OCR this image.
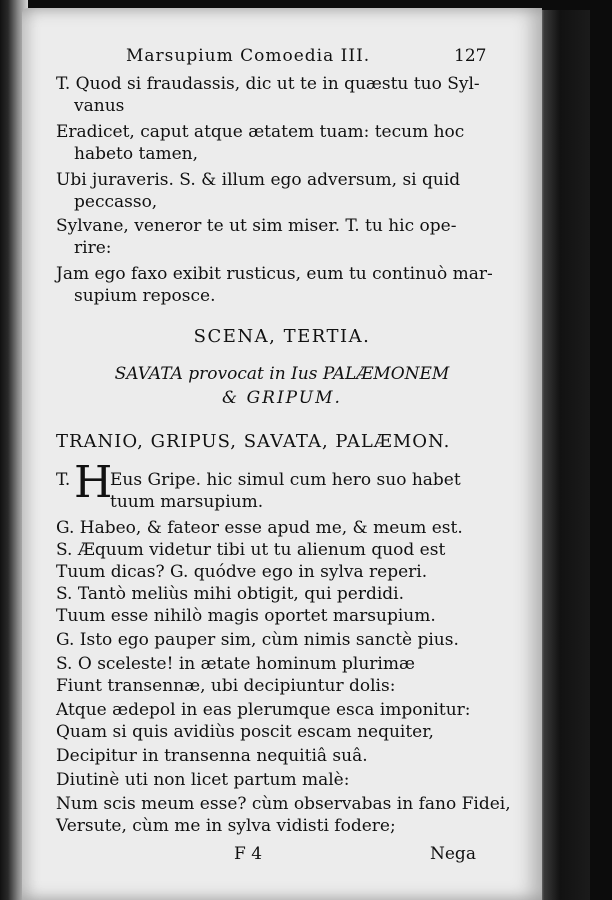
Marsupium Comoedia III.	127
T. Quod si fraudassis, dic ut te in quæstu tuo Syl-
vanus
Eradicet, caput atque ætatem tuam: tecum hoc
habeto tamen,
Ubi juraveris. S. & illum ego adversum, si quid
peccasso,
Sylvane, veneror te ut sim miser. T. tu hic ope-
rire:
Jam ego faxo exibit rusticus, eum tu continuò mar-
supium reposce.
SCENA, TERTIA.
SAVATA provocat in Ius PALÆMONEM
& GRIPUM.
TRANIO, GRIPUS, SAVATA, PALÆMON.
T. H
Eus Gripe. hic simul cum hero suo habet
tuum marsupium.
G. Habeo, & fateor esse apud me, & meum est.
S. Æquum videtur tibi ut tu alienum quod est
Tuum dicas? G. quódve ego in sylva reperi.
S. Tantò meliùs mihi obtigit, qui perdidi.
Tuum esse nihilò magis oportet marsupium.
G. Isto ego pauper sim, cùm nimis sanctè pius.
S. O sceleste! in ætate hominum plurimæ
Fiunt transennæ, ubi decipiuntur dolis:
Atque ædepol in eas plerumque esca imponitur:
Quam si quis avidiùs poscit escam nequiter,
Decipitur in transenna nequitiâ suâ.
Diutinè uti non licet partum malè:
Num scis meum esse? cùm observabas in fano Fidei,
Versute, cùm me in sylva vidisti fodere;
F 4	Nega
